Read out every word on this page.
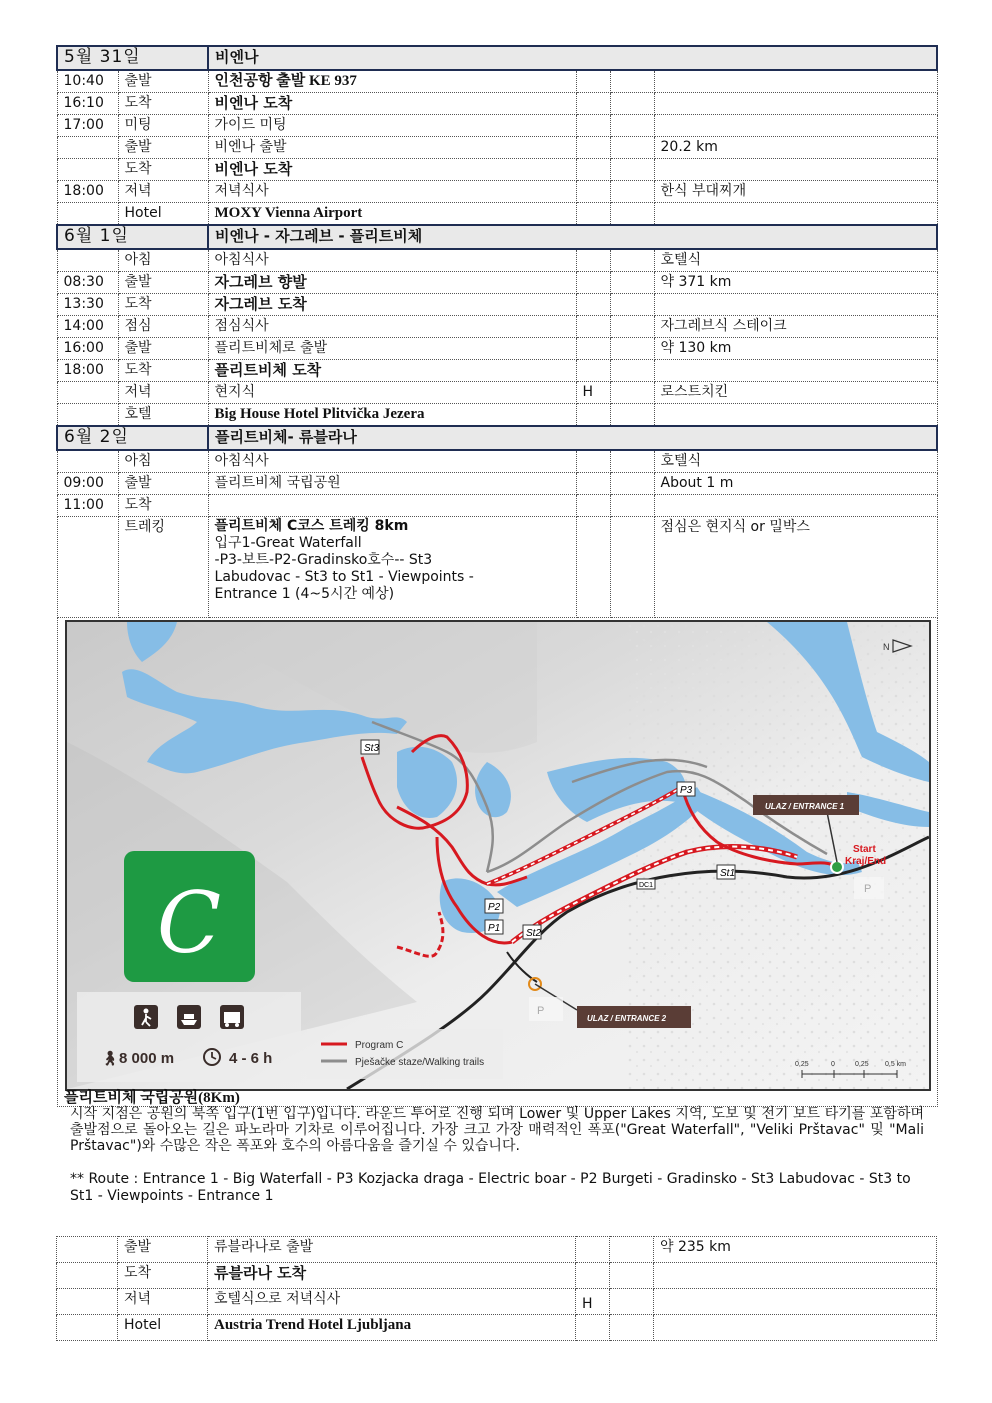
5월 31일		비엔나			
10:40	출발	인천공항 출발 KE 937			
16:10	도착	비엔나 도착			
17:00	미팅	가이드 미팅			
	출발	비엔나 출발			20.2 km
	도착	비엔나 도착			
18:00	저녁	저녁식사			한식 부대찌개
	Hotel	MOXY Vienna Airport			
6월 1일		비엔나 - 자그레브 - 플리트비체			
	아침	아침식사			호텔식
08:30	출발	자그레브 향발			약 371 km
13:30	도착	자그레브 도착			
14:00	점심	점심식사			자그레브식 스테이크
16:00	출발	플리트비체로 출발			약 130 km
18:00	도착	플리트비체 도착			
	저녁	현지식	H		로스트치킨
	호텔	Big House Hotel Plitvička Jezera			
6월 2일		플리트비체- 류블라나			
	아침	아침식사			호텔식
09:00	출발	플리트비체 국립공원			About 1 m
11:00	도착				
	트레킹	플리트비체 C코스 트레킹 8km
입구1-Great Waterfall
-P3-보트-P2-Gradinsko호수-- St3
Labudovac - St3 to St1 - Viewpoints -
Entrance 1 (4~5시간 예상)			점심은 현지식 or 밀박스

St3
P3
P2
P1	St2
St1
DC1
Start
Kraj/End
ULAZ / ENTRANCE 1
ULAZ / ENTRANCE 2
P
P
N
C
🚶︎ 8 000 m	4 - 6 h
Program C
Pješačke staze/Walking trails	0,25	0	0,25 0,5 km
플리트비체 국립공원(8Km)
시작 지점은 공원의 북쪽 입구(1번 입구)입니다. 라운드 투어로 진행 되며 Lower 및 Upper Lakes 지역, 도보 및 전기 보트 타기를 포함하며 출발점으로 돌아오는 길은 파노라마 기차로 이루어집니다. 가장 크고 가장 매력적인 폭포("Great Waterfall", "Veliki Prštavac" 및 "Mali Prštavac")와 수많은 작은 폭포와 호수의 아름다움을 즐기실 수 있습니다.
** Route : Entrance 1 - Big Waterfall - P3 Kozjacka draga - Electric boar - P2 Burgeti - Gradinsko - St3 Labudovac - St3 to St1 - Viewpoints - Entrance 1
	출발	류블라나로 출발			약 235 km
	도착	류블라나 도착			
	저녁	호텔식으로 저녁식사	H		
	Hotel	Austria Trend Hotel Ljubljana			
